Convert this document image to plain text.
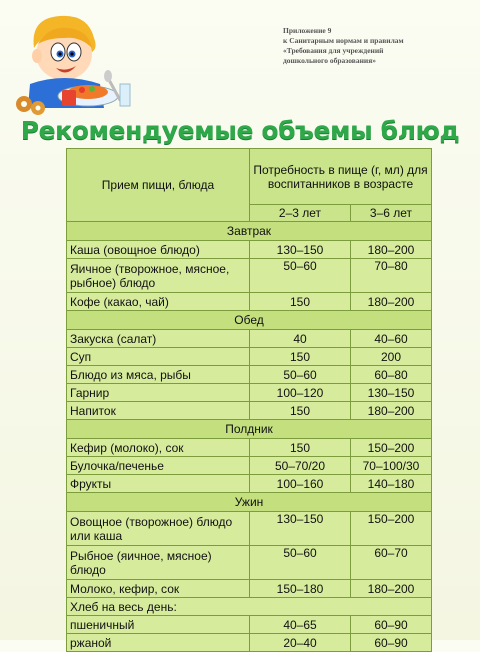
Приложение 9
к Санитарным нормам и правилам
«Требования для учреждений
дошкольного образования»
Рекомендуемые объемы блюд
Прием пищи, блюда	Потребность в пище (г, мл) для воспитанников в возрасте	
	2–3 лет	3–6 лет
Завтрак		
Каша (овощное блюдо)	130–150	180–200
Яичное (творожное, мясное, рыбное) блюдо	50–60	70–80
Кофе (какао, чай)	150	180–200
Обед		
Закуска (салат)	40	40–60
Суп	150	200
Блюдо из мяса, рыбы	50–60	60–80
Гарнир	100–120	130–150
Напиток	150	180–200
Полдник		
Кефир (молоко), сок	150	150–200
Булочка/печенье	50–70/20	70–100/30
Фрукты	100–160	140–180
Ужин		
Овощное (творожное) блюдо или каша	130–150	150–200
Рыбное (яичное, мясное) блюдо	50–60	60–70
Молоко, кефир, сок	150–180	180–200
Хлеб на весь день:		
пшеничный	40–65	60–90
ржаной	20–40	60–90
